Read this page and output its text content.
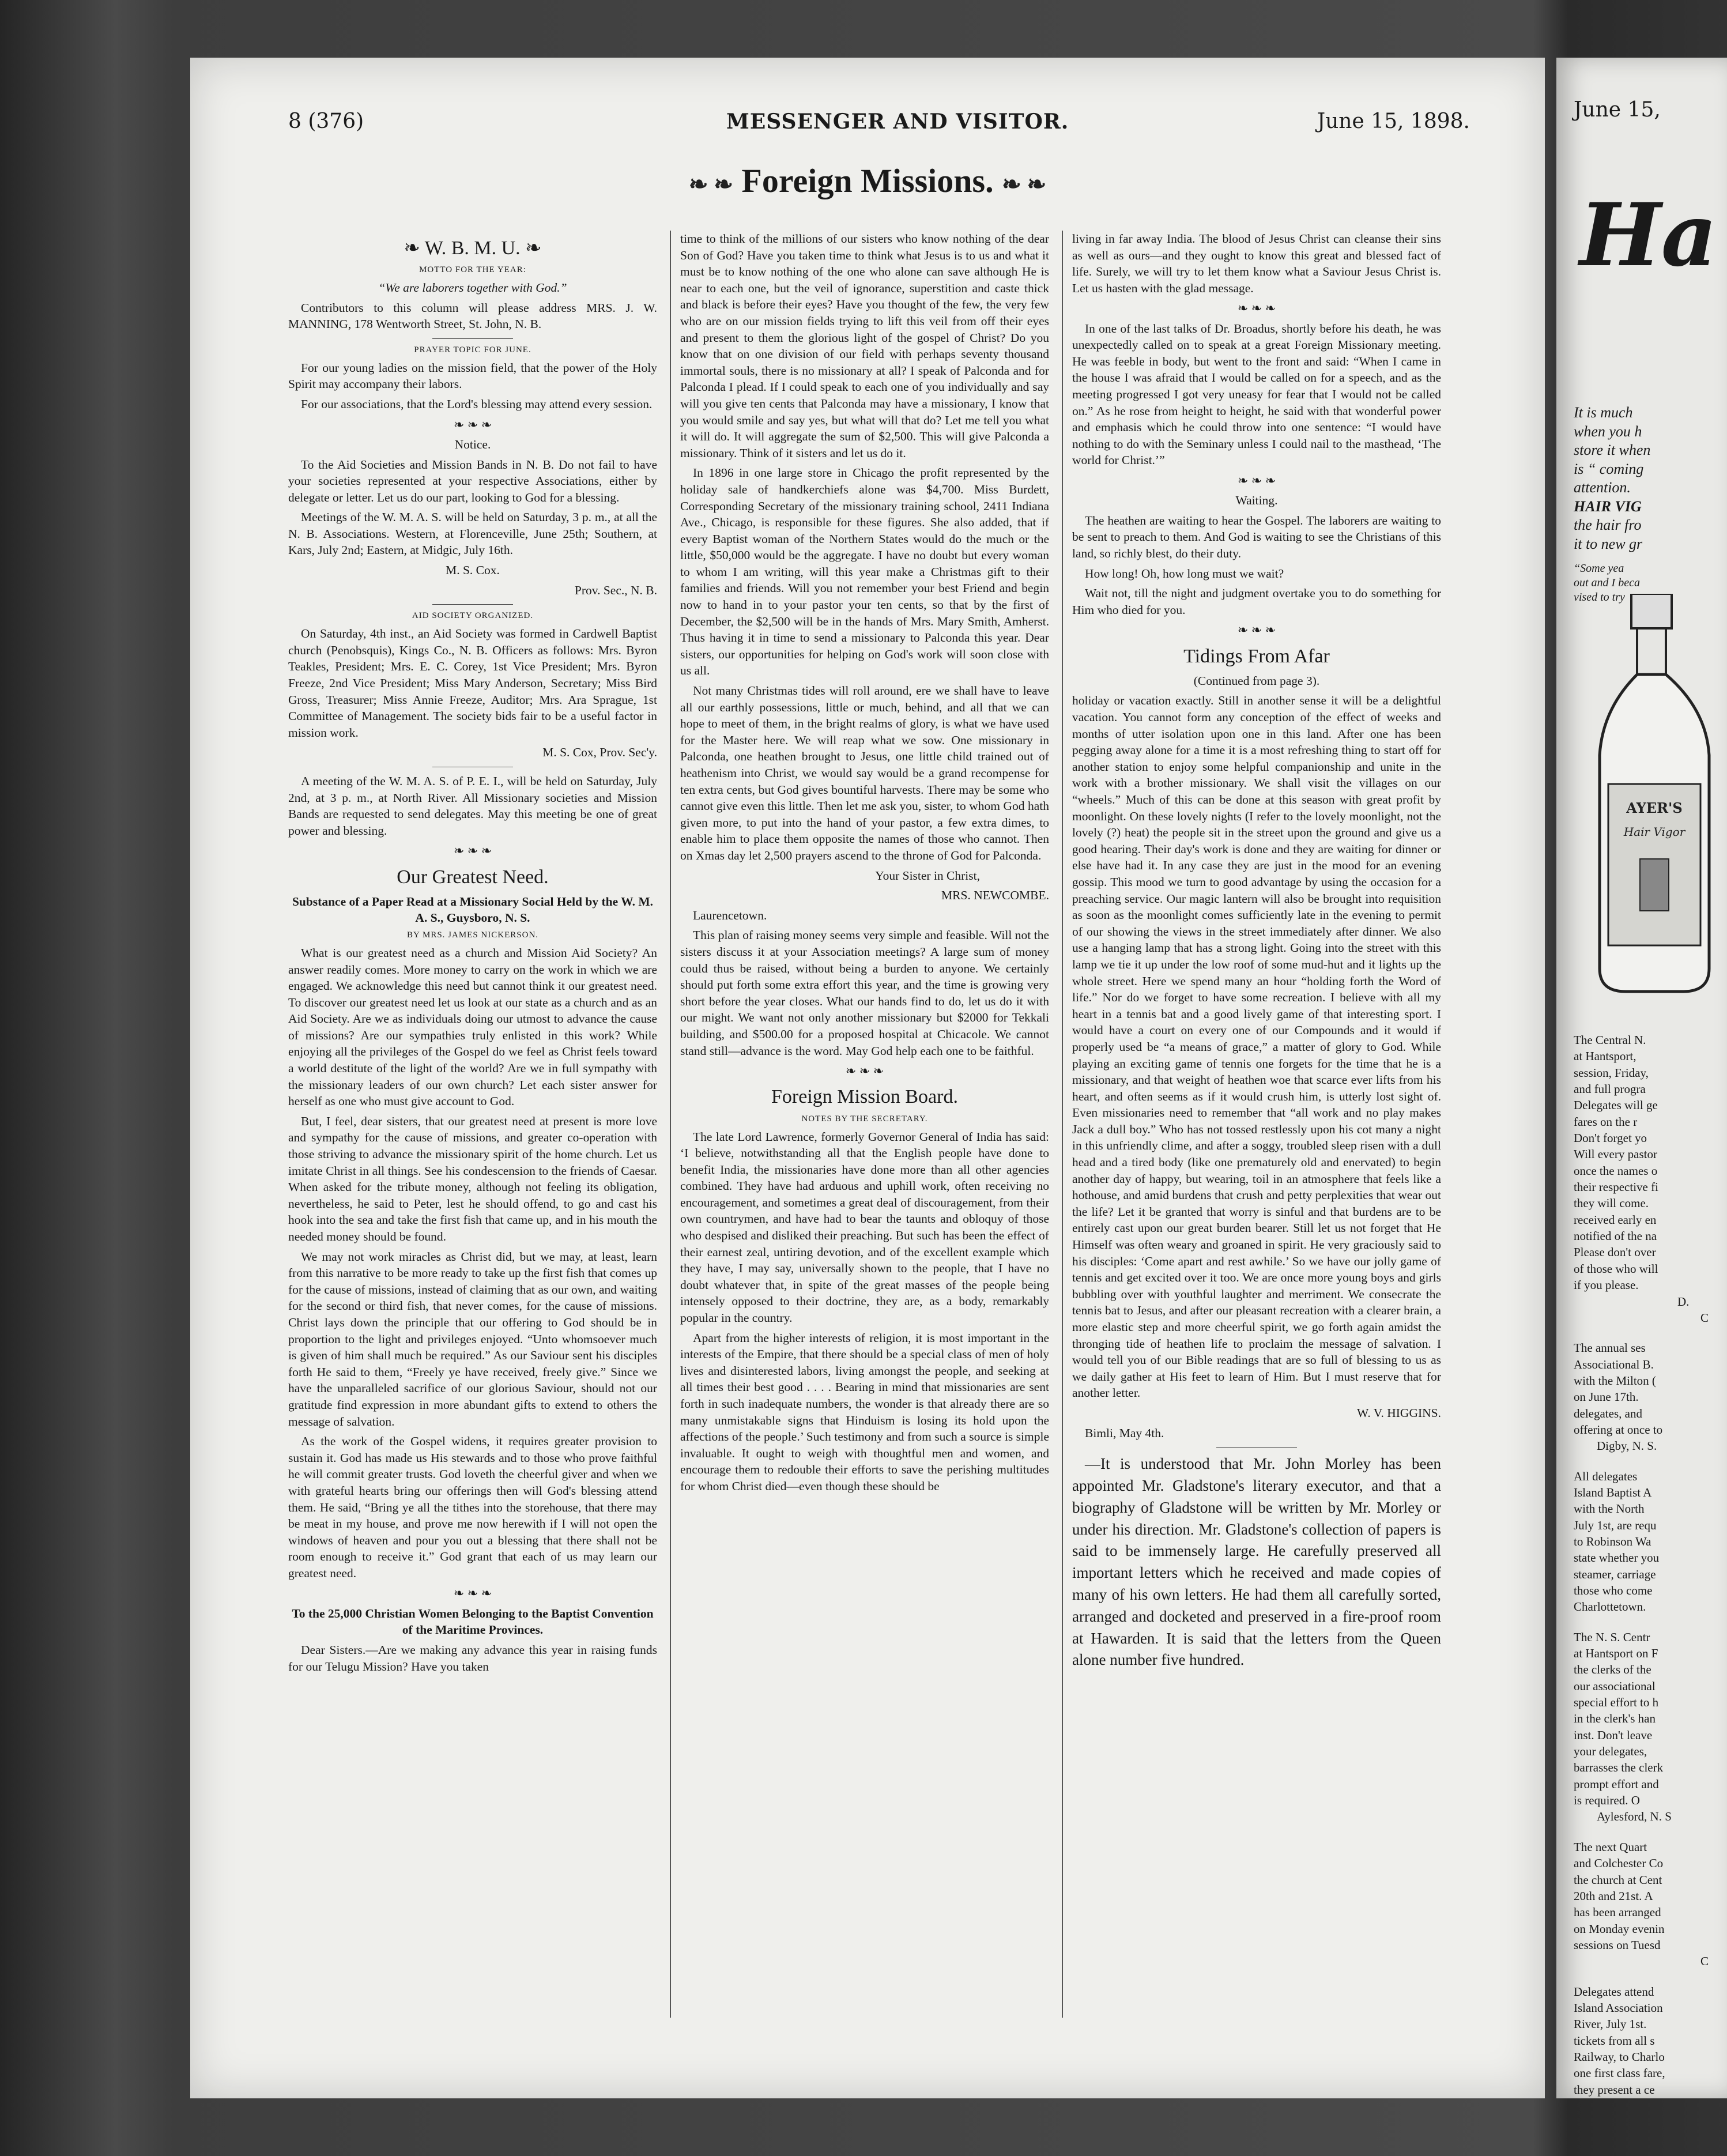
8 (376)	MESSENGER AND VISITOR.	June 15, 1898.
❧ ❧ Foreign Missions. ❧ ❧
❧ W. B. M. U. ❧

MOTTO FOR THE YEAR:

“We are laborers together with God.”

Contributors to this column will please address MRS. J. W. MANNING, 178 Wentworth Street, St. John, N. B.

PRAYER TOPIC FOR JUNE.

For our young ladies on the mission field, that the power of the Holy Spirit may accompany their labors.

For our associations, that the Lord's blessing may attend every session.

❧ ❧ ❧

Notice.

To the Aid Societies and Mission Bands in N. B. Do not fail to have your societies represented at your respective Associations, either by delegate or letter. Let us do our part, looking to God for a blessing.

Meetings of the W. M. A. S. will be held on Saturday, 3 p. m., at all the N. B. Associations. Western, at Florenceville, June 25th; Southern, at Kars, July 2nd; Eastern, at Midgic, July 16th.

M. S. Cox.

Prov. Sec., N. B.

AID SOCIETY ORGANIZED.

On Saturday, 4th inst., an Aid Society was formed in Cardwell Baptist church (Penobsquis), Kings Co., N. B. Officers as follows: Mrs. Byron Teakles, President; Mrs. E. C. Corey, 1st Vice President; Mrs. Byron Freeze, 2nd Vice President; Miss Mary Anderson, Secretary; Miss Bird Gross, Treasurer; Miss Annie Freeze, Auditor; Mrs. Ara Sprague, 1st Committee of Management. The society bids fair to be a useful factor in mission work.

M. S. Cox, Prov. Sec'y.

A meeting of the W. M. A. S. of P. E. I., will be held on Saturday, July 2nd, at 3 p. m., at North River. All Missionary societies and Mission Bands are requested to send delegates. May this meeting be one of great power and blessing.

❧ ❧ ❧

Our Greatest Need.

Substance of a Paper Read at a Missionary Social Held by the W. M. A. S., Guysboro, N. S.

BY MRS. JAMES NICKERSON.

What is our greatest need as a church and Mission Aid Society? An answer readily comes. More money to carry on the work in which we are engaged. We acknowledge this need but cannot think it our greatest need. To discover our greatest need let us look at our state as a church and as an Aid Society. Are we as individuals doing our utmost to advance the cause of missions? Are our sympathies truly enlisted in this work? While enjoying all the privileges of the Gospel do we feel as Christ feels toward a world destitute of the light of the world? Are we in full sympathy with the missionary leaders of our own church? Let each sister answer for herself as one who must give account to God.

But, I feel, dear sisters, that our greatest need at present is more love and sympathy for the cause of missions, and greater co-operation with those striving to advance the missionary spirit of the home church. Let us imitate Christ in all things. See his condescension to the friends of Caesar. When asked for the tribute money, although not feeling its obligation, nevertheless, he said to Peter, lest he should offend, to go and cast his hook into the sea and take the first fish that came up, and in his mouth the needed money should be found.

We may not work miracles as Christ did, but we may, at least, learn from this narrative to be more ready to take up the first fish that comes up for the cause of missions, instead of claiming that as our own, and waiting for the second or third fish, that never comes, for the cause of missions. Christ lays down the principle that our offering to God should be in proportion to the light and privileges enjoyed. “Unto whomsoever much is given of him shall much be required.” As our Saviour sent his disciples forth He said to them, “Freely ye have received, freely give.” Since we have the unparalleled sacrifice of our glorious Saviour, should not our gratitude find expression in more abundant gifts to extend to others the message of salvation.

As the work of the Gospel widens, it requires greater provision to sustain it. God has made us His stewards and to those who prove faithful he will commit greater trusts. God loveth the cheerful giver and when we with grateful hearts bring our offerings then will God's blessing attend them. He said, “Bring ye all the tithes into the storehouse, that there may be meat in my house, and prove me now herewith if I will not open the windows of heaven and pour you out a blessing that there shall not be room enough to receive it.” God grant that each of us may learn our greatest need.

❧ ❧ ❧

To the 25,000 Christian Women Belonging to the Baptist Convention of the Maritime Provinces.

Dear Sisters.—Are we making any advance this year in raising funds for our Telugu Mission? Have you taken

time to think of the millions of our sisters who know nothing of the dear Son of God? Have you taken time to think what Jesus is to us and what it must be to know nothing of the one who alone can save although He is near to each one, but the veil of ignorance, superstition and caste thick and black is before their eyes? Have you thought of the few, the very few who are on our mission fields trying to lift this veil from off their eyes and present to them the glorious light of the gospel of Christ? Do you know that on one division of our field with perhaps seventy thousand immortal souls, there is no missionary at all? I speak of Palconda and for Palconda I plead. If I could speak to each one of you individually and say will you give ten cents that Palconda may have a missionary, I know that you would smile and say yes, but what will that do? Let me tell you what it will do. It will aggregate the sum of $2,500. This will give Palconda a missionary. Think of it sisters and let us do it.

In 1896 in one large store in Chicago the profit represented by the holiday sale of handkerchiefs alone was $4,700. Miss Burdett, Corresponding Secretary of the missionary training school, 2411 Indiana Ave., Chicago, is responsible for these figures. She also added, that if every Baptist woman of the Northern States would do the much or the little, $50,000 would be the aggregate. I have no doubt but every woman to whom I am writing, will this year make a Christmas gift to their families and friends. Will you not remember your best Friend and begin now to hand in to your pastor your ten cents, so that by the first of December, the $2,500 will be in the hands of Mrs. Mary Smith, Amherst. Thus having it in time to send a missionary to Palconda this year. Dear sisters, our opportunities for helping on God's work will soon close with us all.

Not many Christmas tides will roll around, ere we shall have to leave all our earthly possessions, little or much, behind, and all that we can hope to meet of them, in the bright realms of glory, is what we have used for the Master here. We will reap what we sow. One missionary in Palconda, one heathen brought to Jesus, one little child trained out of heathenism into Christ, we would say would be a grand recompense for ten extra cents, but God gives bountiful harvests. There may be some who cannot give even this little. Then let me ask you, sister, to whom God hath given more, to put into the hand of your pastor, a few extra dimes, to enable him to place them opposite the names of those who cannot. Then on Xmas day let 2,500 prayers ascend to the throne of God for Palconda.

Your Sister in Christ,

MRS. NEWCOMBE.

Laurencetown.

This plan of raising money seems very simple and feasible. Will not the sisters discuss it at your Association meetings? A large sum of money could thus be raised, without being a burden to anyone. We certainly should put forth some extra effort this year, and the time is growing very short before the year closes. What our hands find to do, let us do it with our might. We want not only another missionary but $2000 for Tekkali building, and $500.00 for a proposed hospital at Chicacole. We cannot stand still—advance is the word. May God help each one to be faithful.

❧ ❧ ❧

Foreign Mission Board.

NOTES BY THE SECRETARY.

The late Lord Lawrence, formerly Governor General of India has said: ‘I believe, notwithstanding all that the English people have done to benefit India, the missionaries have done more than all other agencies combined. They have had arduous and uphill work, often receiving no encouragement, and sometimes a great deal of discouragement, from their own countrymen, and have had to bear the taunts and obloquy of those who despised and disliked their preaching. But such has been the effect of their earnest zeal, untiring devotion, and of the excellent example which they have, I may say, universally shown to the people, that I have no doubt whatever that, in spite of the great masses of the people being intensely opposed to their doctrine, they are, as a body, remarkably popular in the country.

Apart from the higher interests of religion, it is most important in the interests of the Empire, that there should be a special class of men of holy lives and disinterested labors, living amongst the people, and seeking at all times their best good . . . . Bearing in mind that missionaries are sent forth in such inadequate numbers, the wonder is that already there are so many unmistakable signs that Hinduism is losing its hold upon the affections of the people.’ Such testimony and from such a source is simple invaluable. It ought to weigh with thoughtful men and women, and encourage them to redouble their efforts to save the perishing multitudes for whom Christ died—even though these should be

living in far away India. The blood of Jesus Christ can cleanse their sins as well as ours—and they ought to know this great and blessed fact of life. Surely, we will try to let them know what a Saviour Jesus Christ is. Let us hasten with the glad message.

❧ ❧ ❧

In one of the last talks of Dr. Broadus, shortly before his death, he was unexpectedly called on to speak at a great Foreign Missionary meeting. He was feeble in body, but went to the front and said: “When I came in the house I was afraid that I would be called on for a speech, and as the meeting progressed I got very uneasy for fear that I would not be called on.” As he rose from height to height, he said with that wonderful power and emphasis which he could throw into one sentence: “I would have nothing to do with the Seminary unless I could nail to the masthead, ‘The world for Christ.’”

❧ ❧ ❧

Waiting.

The heathen are waiting to hear the Gospel. The laborers are waiting to be sent to preach to them. And God is waiting to see the Christians of this land, so richly blest, do their duty.

How long! Oh, how long must we wait?

Wait not, till the night and judgment overtake you to do something for Him who died for you.

❧ ❧ ❧

Tidings From Afar

(Continued from page 3).

holiday or vacation exactly. Still in another sense it will be a delightful vacation. You cannot form any conception of the effect of weeks and months of utter isolation upon one in this land. After one has been pegging away alone for a time it is a most refreshing thing to start off for another station to enjoy some helpful companionship and unite in the work with a brother missionary. We shall visit the villages on our “wheels.” Much of this can be done at this season with great profit by moonlight. On these lovely nights (I refer to the lovely moonlight, not the lovely (?) heat) the people sit in the street upon the ground and give us a good hearing. Their day's work is done and they are waiting for dinner or else have had it. In any case they are just in the mood for an evening gossip. This mood we turn to good advantage by using the occasion for a preaching service. Our magic lantern will also be brought into requisition as soon as the moonlight comes sufficiently late in the evening to permit of our showing the views in the street immediately after dinner. We also use a hanging lamp that has a strong light. Going into the street with this lamp we tie it up under the low roof of some mud-hut and it lights up the whole street. Here we spend many an hour “holding forth the Word of life.” Nor do we forget to have some recreation. I believe with all my heart in a tennis bat and a good lively game of that interesting sport. I would have a court on every one of our Compounds and it would if properly used be “a means of grace,” a matter of glory to God. While playing an exciting game of tennis one forgets for the time that he is a missionary, and that weight of heathen woe that scarce ever lifts from his heart, and often seems as if it would crush him, is utterly lost sight of. Even missionaries need to remember that “all work and no play makes Jack a dull boy.” Who has not tossed restlessly upon his cot many a night in this unfriendly clime, and after a soggy, troubled sleep risen with a dull head and a tired body (like one prematurely old and enervated) to begin another day of happy, but wearing, toil in an atmosphere that feels like a hothouse, and amid burdens that crush and petty perplexities that wear out the life? Let it be granted that worry is sinful and that burdens are to be entirely cast upon our great burden bearer. Still let us not forget that He Himself was often weary and groaned in spirit. He very graciously said to his disciples: ‘Come apart and rest awhile.’ So we have our jolly game of tennis and get excited over it too. We are once more young boys and girls bubbling over with youthful laughter and merriment. We consecrate the tennis bat to Jesus, and after our pleasant recreation with a clearer brain, a more elastic step and more cheerful spirit, we go forth again amidst the thronging tide of heathen life to proclaim the message of salvation. I would tell you of our Bible readings that are so full of blessing to us as we daily gather at His feet to learn of Him. But I must reserve that for another letter.

W. V. HIGGINS.

Bimli, May 4th.

—It is understood that Mr. John Morley has been appointed Mr. Gladstone's literary executor, and that a biography of Gladstone will be written by Mr. Morley or under his direction. Mr. Gladstone's collection of papers is said to be immensely large. He carefully preserved all important letters which he received and made copies of many of his own letters. He had them all carefully sorted, arranged and docketed and preserved in a fire-proof room at Hawarden. It is said that the letters from the Queen alone number five hundred.

June 15,
Ha
It is much
when you h
store it when
is “ coming
attention.
HAIR VIG
the hair fro
it to new gr
“Some yea
out and I beca
vised to try
AYER'S
Hair Vigor
The Central N.
at Hantsport,
session, Friday,
and full progra
Delegates will ge
fares on the r
Don't forget yo
Will every pastor
once the names o
their respective fi
they will come.
received early en
notified of the na
Please don't over
of those who will
if you please.
D.
C
The annual ses
Associational B.
with the Milton (
on June 17th.
delegates, and
offering at once to
Digby, N. S.
All delegates
Island Baptist A
with the North
July 1st, are requ
to Robinson Wa
state whether you
steamer, carriage
those who come
Charlottetown.
The N. S. Centr
at Hantsport on F
the clerks of the
our associational
special effort to h
in the clerk's han
inst. Don't leave
your delegates,
barrasses the clerk
prompt effort and
is required. O
Aylesford, N. S
The next Quart
and Colchester Co
the church at Cent
20th and 21st. A
has been arranged
on Monday evenin
sessions on Tuesd
C
Delegates attend
Island Association
River, July 1st.
tickets from all s
Railway, to Charlo
one first class fare,
they present a ce
